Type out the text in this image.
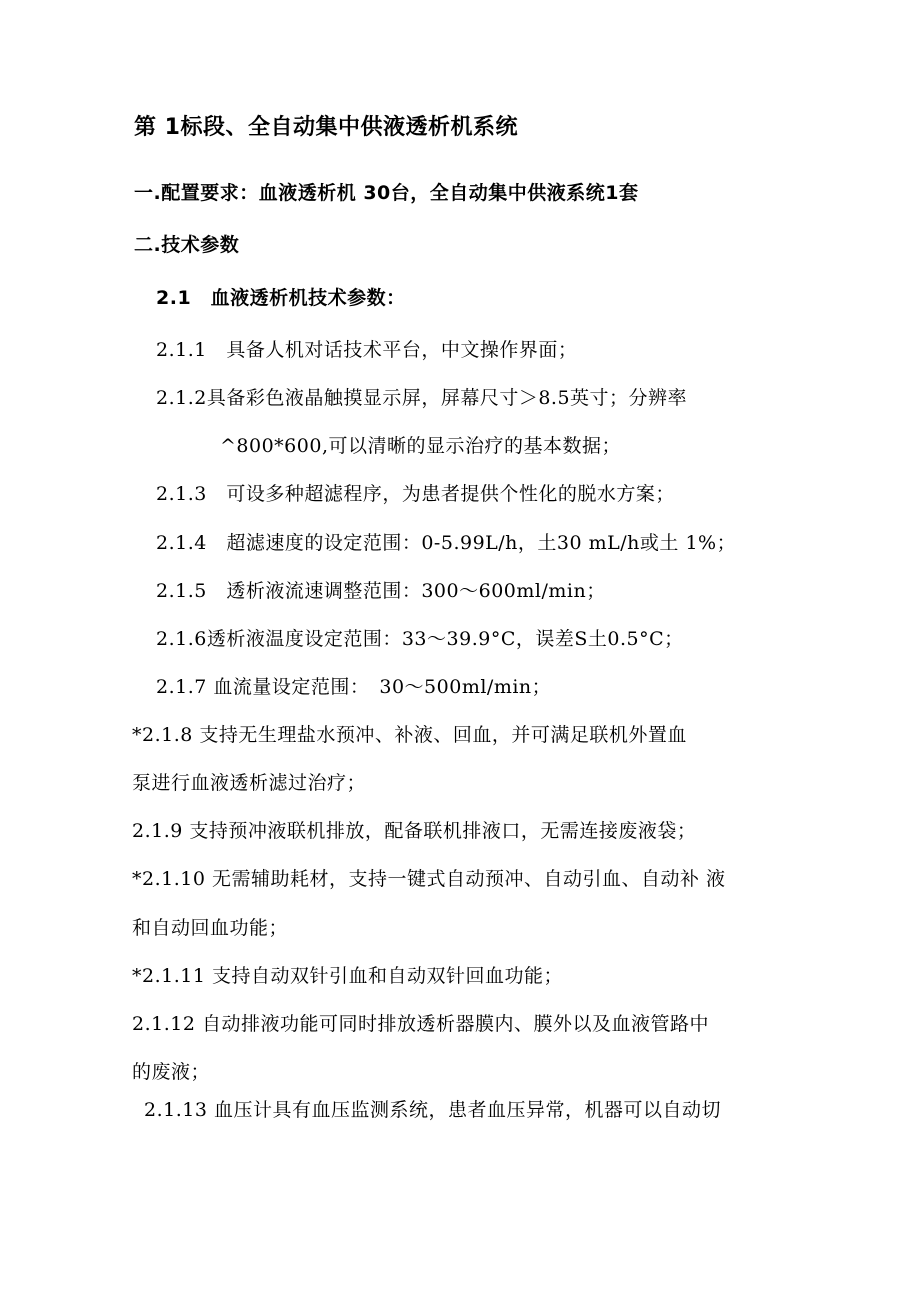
第 1标段、全自动集中供液透析机系统
一.配置要求：血液透析机 30台，全自动集中供液系统1套
二.技术参数
2.1　血液透析机技术参数：
2.1.1　具备人机对话技术平台，中文操作界面；
2.1.2具备彩色液晶触摸显示屏，屏幕尺寸＞8.5英寸；分辨率
^800*600,可以清晰的显示治疗的基本数据；
2.1.3　可设多种超滤程序，为患者提供个性化的脱水方案；
2.1.4　超滤速度的设定范围：0-5.99L/h，土30 mL/h或土 1%；
2.1.5　透析液流速调整范围：300～600ml/min；
2.1.6透析液温度设定范围：33～39.9°C，误差S土0.5°C；
2.1.7 血流量设定范围：　30～500ml/min；
*2.1.8 支持无生理盐水预冲、补液、回血，并可满足联机外置血
泵进行血液透析滤过治疗；
2.1.9 支持预冲液联机排放，配备联机排液口，无需连接废液袋；
*2.1.10 无需辅助耗材，支持一键式自动预冲、自动引血、自动补 液
和自动回血功能；
*2.1.11 支持自动双针引血和自动双针回血功能；
2.1.12 自动排液功能可同时排放透析器膜内、膜外以及血液管路中
的废液；
2.1.13 血压计具有血压监测系统，患者血压异常，机器可以自动切
